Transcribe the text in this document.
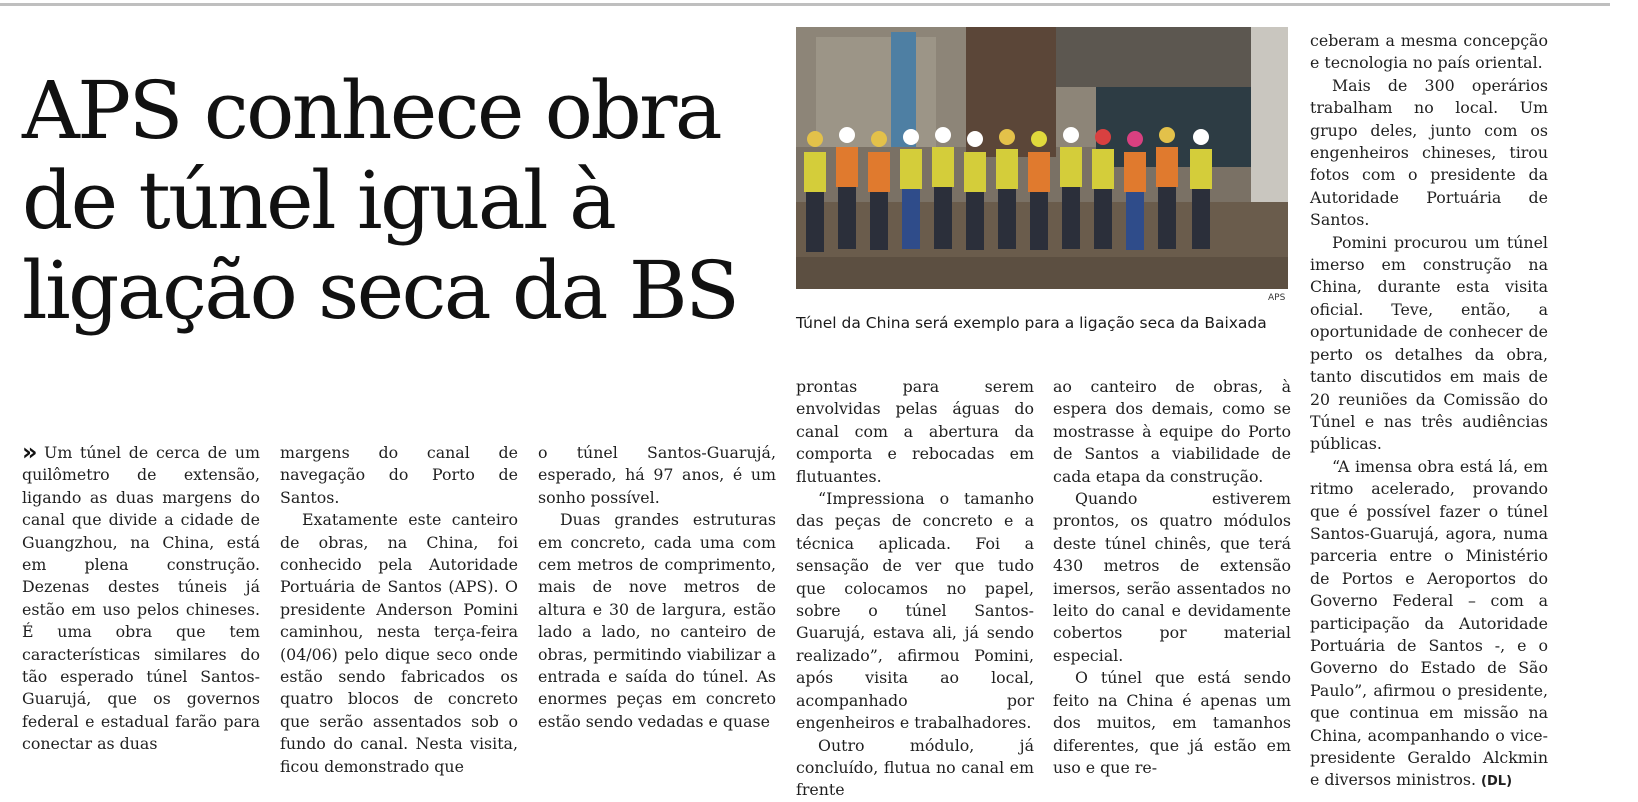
APS conhece obra
de túnel igual à
ligação seca da BS	APS
Túnel da China será exemplo para a ligação seca da Baixada
» Um túnel de cerca de um quilômetro de extensão, ligando as duas margens do canal que divide a cidade de Guangzhou, na China, está em plena construção. Dezenas destes túneis já estão em uso pelos chineses. É uma obra que tem características similares do tão esperado túnel Santos-Guarujá, que os governos federal e estadual farão para conectar as duas

margens do canal de navegação do Porto de Santos.

Exatamente este canteiro de obras, na China, foi conhecido pela Autoridade Portuária de Santos (APS). O presidente Anderson Pomini caminhou, nesta terça-feira (04/06) pelo dique seco onde estão sendo fabricados os quatro blocos de concreto que serão assentados sob o fundo do canal. Nesta visita, ficou demonstrado que

o túnel Santos-Guarujá, esperado, há 97 anos, é um sonho possível.

Duas grandes estruturas em concreto, cada uma com cem metros de comprimento, mais de nove metros de altura e 30 de largura, estão lado a lado, no canteiro de obras, permitindo viabilizar a entrada e saída do túnel. As enormes peças em concreto estão sendo vedadas e quase

prontas para serem envolvidas pelas águas do canal com a abertura da comporta e rebocadas em flutuantes.

“Impressiona o tamanho das peças de concreto e a técnica aplicada. Foi a sensação de ver que tudo que colocamos no papel, sobre o túnel Santos-Guarujá, estava ali, já sendo realizado”, afirmou Pomini, após visita ao local, acompanhado por engenheiros e trabalhadores.

Outro módulo, já concluído, flutua no canal em frente

ao canteiro de obras, à espera dos demais, como se mostrasse à equipe do Porto de Santos a viabilidade de cada etapa da construção.

Quando estiverem prontos, os quatro módulos deste túnel chinês, que terá 430 metros de extensão imersos, serão assentados no leito do canal e devidamente cobertos por material especial.

O túnel que está sendo feito na China é apenas um dos muitos, em tamanhos diferentes, que já estão em uso e que re-

ceberam a mesma concepção e tecnologia no país oriental.

Mais de 300 operários trabalham no local. Um grupo deles, junto com os engenheiros chineses, tirou fotos com o presidente da Autoridade Portuária de Santos.

Pomini procurou um túnel imerso em construção na China, durante esta visita oficial. Teve, então, a oportunidade de conhecer de perto os detalhes da obra, tanto discutidos em mais de 20 reuniões da Comissão do Túnel e nas três audiências públicas.

“A imensa obra está lá, em ritmo acelerado, provando que é possível fazer o túnel Santos-Guarujá, agora, numa parceria entre o Ministério de Portos e Aeroportos do Governo Federal – com a participação da Autoridade Portuária de Santos -, e o Governo do Estado de São Paulo”, afirmou o presidente, que continua em missão na China, acompanhando o vice-presidente Geraldo Alckmin e diversos ministros. (DL)
